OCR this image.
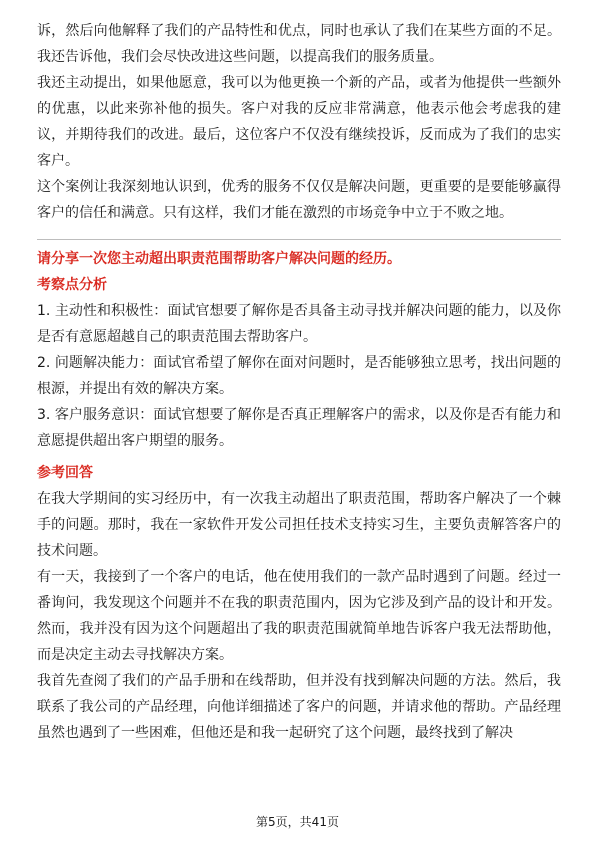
诉，然后向他解释了我们的产品特性和优点，同时也承认了我们在某些方面的不足。我还告诉他，我们会尽快改进这些问题，以提高我们的服务质量。

我还主动提出，如果他愿意，我可以为他更换一个新的产品，或者为他提供一些额外的优惠，以此来弥补他的损失。客户对我的反应非常满意，他表示他会考虑我的建议，并期待我们的改进。最后，这位客户不仅没有继续投诉，反而成为了我们的忠实客户。

这个案例让我深刻地认识到，优秀的服务不仅仅是解决问题，更重要的是要能够赢得客户的信任和满意。只有这样，我们才能在激烈的市场竞争中立于不败之地。

请分享一次您主动超出职责范围帮助客户解决问题的经历。

考察点分析

1. 主动性和积极性：面试官想要了解你是否具备主动寻找并解决问题的能力，以及你是否有意愿超越自己的职责范围去帮助客户。

2. 问题解决能力：面试官希望了解你在面对问题时，是否能够独立思考，找出问题的根源，并提出有效的解决方案。

3. 客户服务意识：面试官想要了解你是否真正理解客户的需求，以及你是否有能力和意愿提供超出客户期望的服务。

参考回答

在我大学期间的实习经历中，有一次我主动超出了职责范围，帮助客户解决了一个棘手的问题。那时，我在一家软件开发公司担任技术支持实习生，主要负责解答客户的技术问题。

有一天，我接到了一个客户的电话，他在使用我们的一款产品时遇到了问题。经过一番询问，我发现这个问题并不在我的职责范围内，因为它涉及到产品的设计和开发。然而，我并没有因为这个问题超出了我的职责范围就简单地告诉客户我无法帮助他，而是决定主动去寻找解决方案。

我首先查阅了我们的产品手册和在线帮助，但并没有找到解决问题的方法。然后，我联系了我公司的产品经理，向他详细描述了客户的问题，并请求他的帮助。产品经理虽然也遇到了一些困难，但他还是和我一起研究了这个问题，最终找到了解决

第5页，共41页
